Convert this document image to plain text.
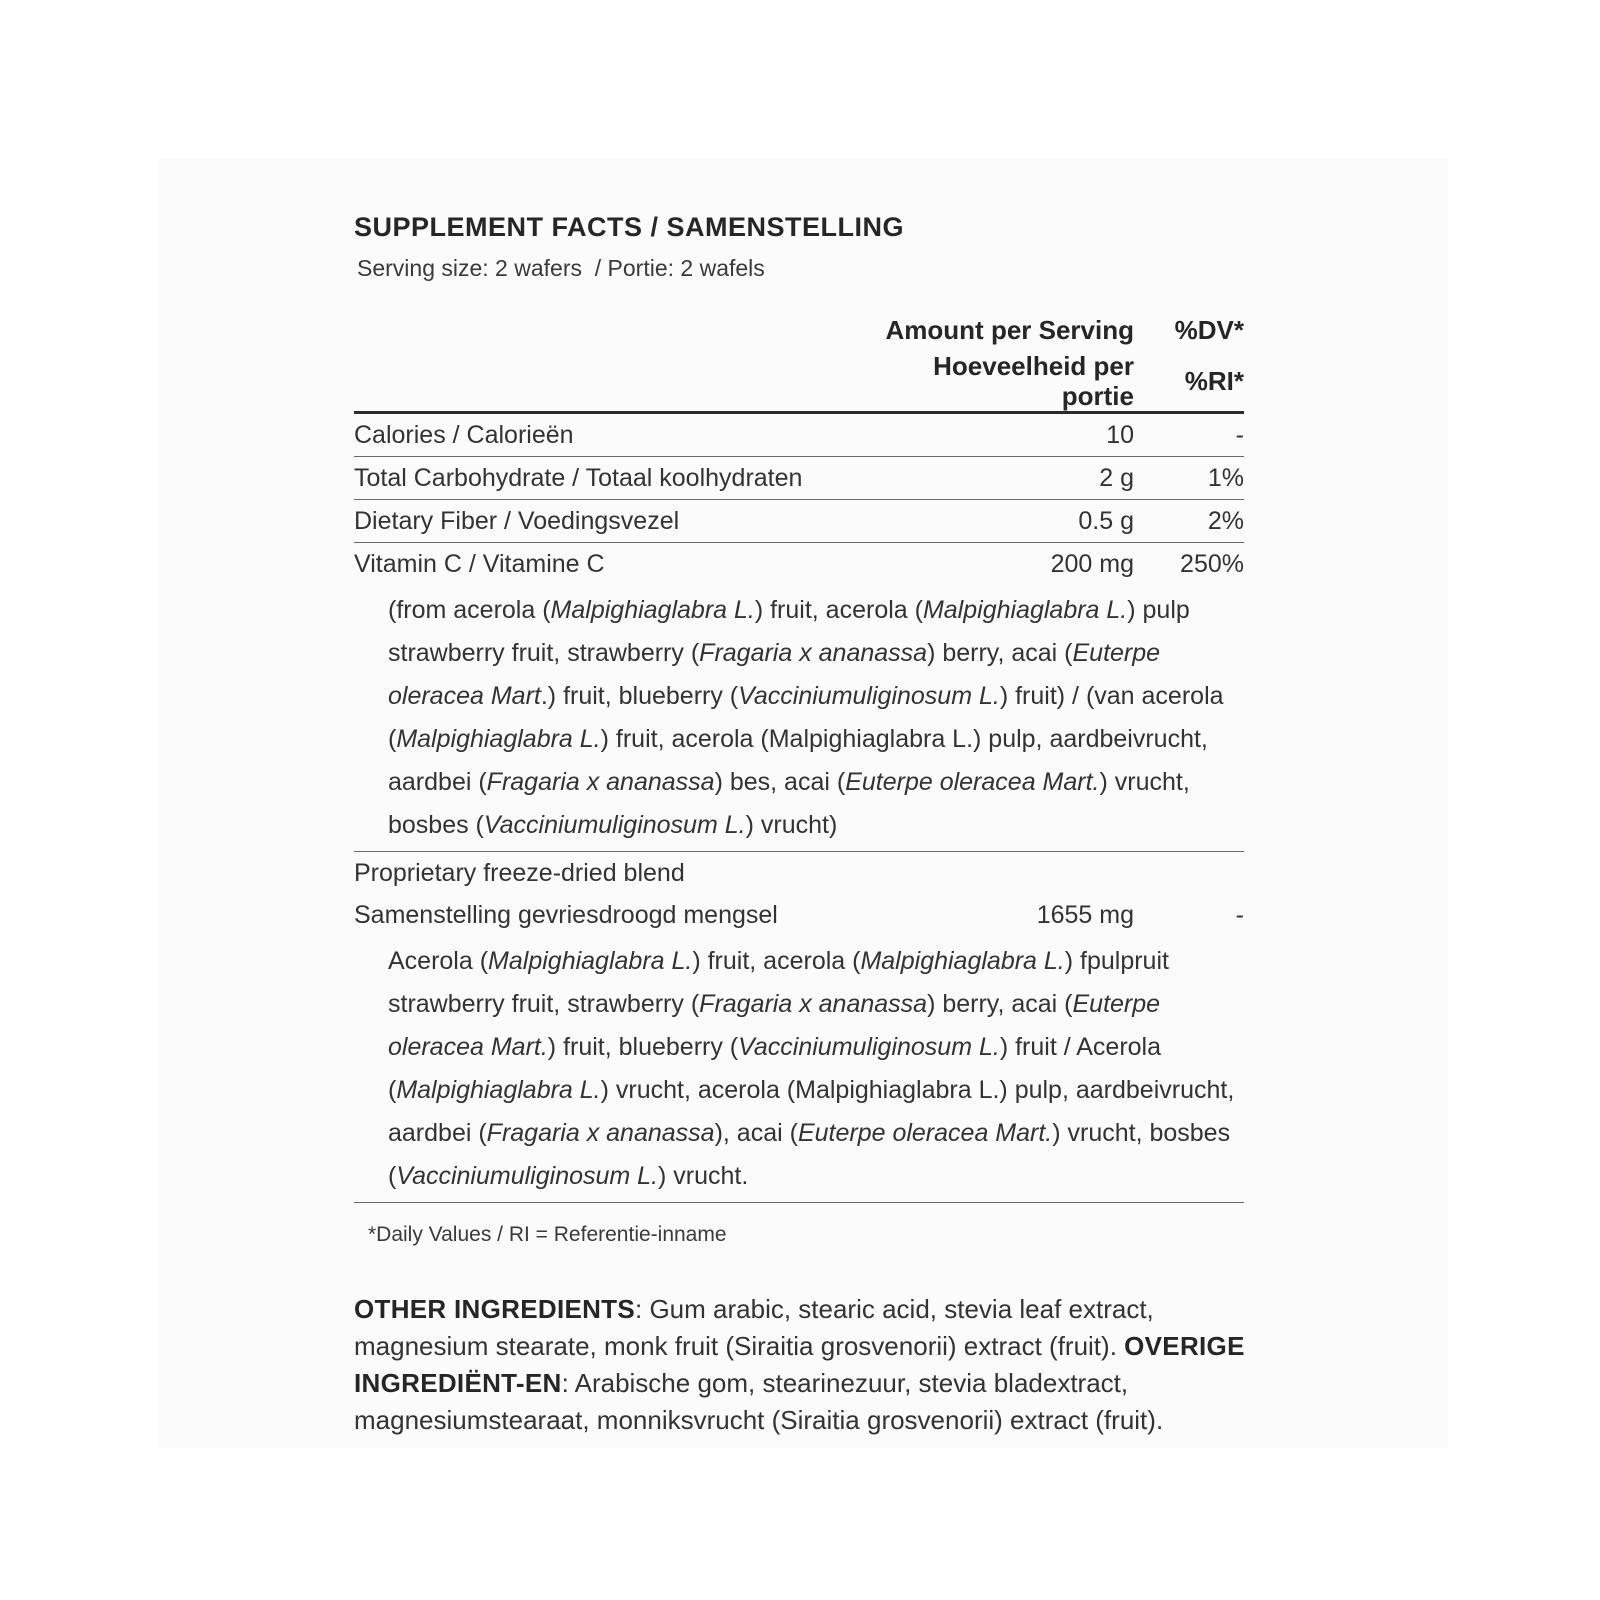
SUPPLEMENT FACTS / SAMENSTELLING
Serving size: 2 wafers  / Portie: 2 wafels
	Amount per Serving	%DV*
	Hoeveelheid per portie	%RI*
Calories / Calorieën	10	-
Total Carbohydrate / Totaal koolhydraten	2 g	1%
Dietary Fiber / Voedingsvezel	0.5 g	2%
Vitamin C / Vitamine C	200 mg	250%
(from acerola (Malpighiaglabra L.) fruit, acerola (Malpighiaglabra L.) pulp strawberry fruit, strawberry (Fragaria x ananassa) berry, acai (Euterpe oleracea Mart.) fruit, blueberry (Vacciniumuliginosum L.) fruit) / (van acerola (Malpighiaglabra L.) fruit, acerola (Malpighiaglabra L.) pulp, aardbeivrucht, aardbei (Fragaria x ananassa) bes, acai (Euterpe oleracea Mart.) vrucht, bosbes (Vacciniumuliginosum L.) vrucht)		
Proprietary freeze-dried blend		
Samenstelling gevriesdroogd mengsel	1655 mg	-
Acerola (Malpighiaglabra L.) fruit, acerola (Malpighiaglabra L.) fpulpruit strawberry fruit, strawberry (Fragaria x ananassa) berry, acai (Euterpe oleracea Mart.) fruit, blueberry (Vacciniumuliginosum L.) fruit / Acerola (Malpighiaglabra L.) vrucht, acerola (Malpighiaglabra L.) pulp, aardbeivrucht, aardbei (Fragaria x ananassa), acai (Euterpe oleracea Mart.) vrucht, bosbes (Vacciniumuliginosum L.) vrucht.		
*Daily Values / RI = Referentie-inname
OTHER INGREDIENTS: Gum arabic, stearic acid, stevia leaf extract, magnesium stearate, monk fruit (Siraitia grosvenorii) extract (fruit). OVERIGE INGREDIËNT-EN: Arabische gom, stearinezuur, stevia bladextract, magnesiumstearaat, monniksvrucht (Siraitia grosvenorii) extract (fruit).
